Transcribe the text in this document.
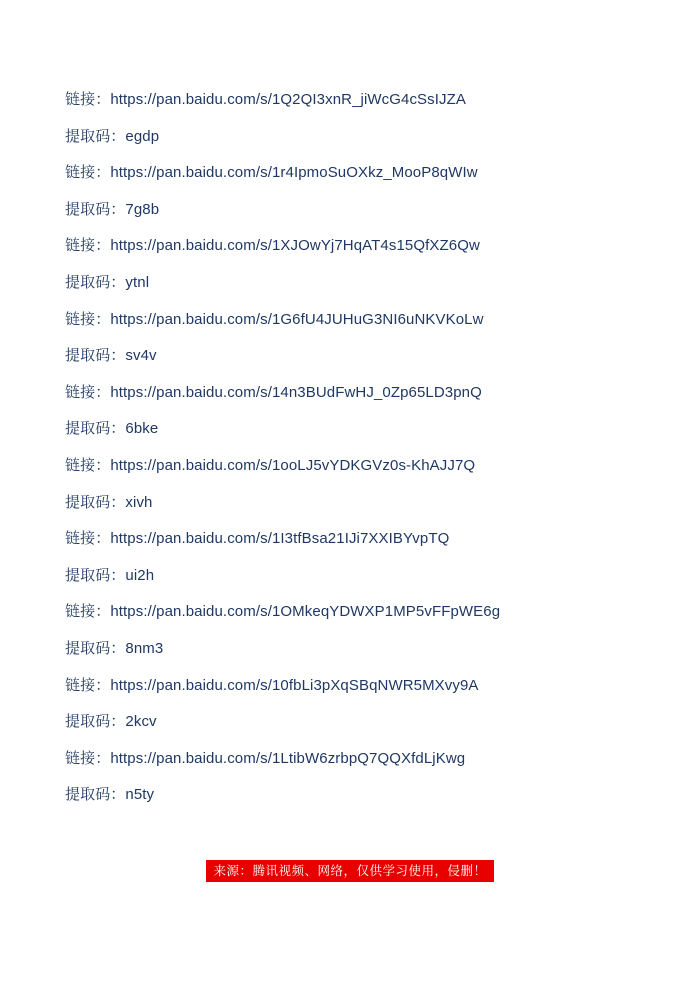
链接：https://pan.baidu.com/s/1Q2QI3xnR_jiWcG4cSsIJZA

提取码：egdp

链接：https://pan.baidu.com/s/1r4IpmoSuOXkz_MooP8qWIw

提取码：7g8b

链接：https://pan.baidu.com/s/1XJOwYj7HqAT4s15QfXZ6Qw

提取码：ytnl

链接：https://pan.baidu.com/s/1G6fU4JUHuG3NI6uNKVKoLw

提取码：sv4v

链接：https://pan.baidu.com/s/14n3BUdFwHJ_0Zp65LD3pnQ

提取码：6bke

链接：https://pan.baidu.com/s/1ooLJ5vYDKGVz0s-KhAJJ7Q

提取码：xivh

链接：https://pan.baidu.com/s/1I3tfBsa21IJi7XXIBYvpTQ

提取码：ui2h

链接：https://pan.baidu.com/s/1OMkeqYDWXP1MP5vFFpWE6g

提取码：8nm3

链接：https://pan.baidu.com/s/10fbLi3pXqSBqNWR5MXvy9A

提取码：2kcv

链接：https://pan.baidu.com/s/1LtibW6zrbpQ7QQXfdLjKwg

提取码：n5ty

来源：腾讯视频、网络，仅供学习使用，侵删！
